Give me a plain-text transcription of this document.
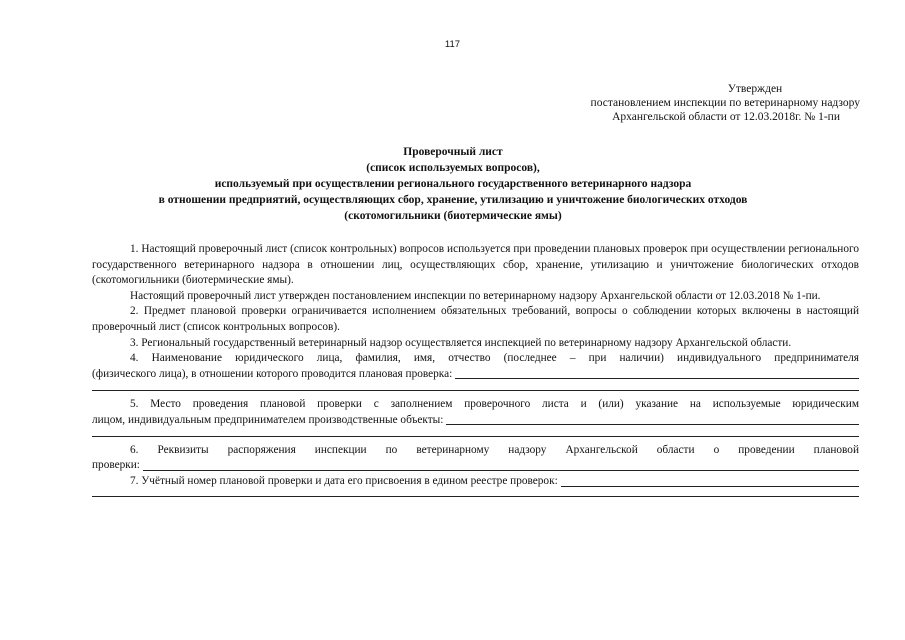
117
Утвержден
постановлением инспекции по ветеринарному надзору
Архангельской области от 12.03.2018г. № 1-пи
Проверочный лист
(список используемых вопросов),
используемый при осуществлении регионального государственного ветеринарного надзора
в отношении предприятий, осуществляющих сбор, хранение, утилизацию и уничтожение биологических отходов
(скотомогильники (биотермические ямы)

1. Настоящий проверочный лист (список контрольных) вопросов используется при проведении плановых проверок при осуществлении регионального государственного ветеринарного надзора в отношении лиц, осуществляющих сбор, хранение, утилизацию и уничтожение биологических отходов (скотомогильники (биотермические ямы).

Настоящий проверочный лист утвержден постановлением инспекции по ветеринарному надзору Архангельской области от 12.03.2018 № 1-пи.

2. Предмет плановой проверки ограничивается исполнением обязательных требований, вопросы о соблюдении которых включены в настоящий проверочный лист (список контрольных вопросов).

3. Региональный государственный ветеринарный надзор осуществляется инспекцией по ветеринарному надзору Архангельской области.

4. Наименование юридического лица, фамилия, имя, отчество (последнее – при наличии) индивидуального предпринимателя

(физического лица), в отношении которого проводится плановая проверка:

5. Место проведения плановой проверки с заполнением проверочного листа и (или) указание на используемые юридическим

лицом, индивидуальным предпринимателем производственные объекты:

6. Реквизиты распоряжения инспекции по ветеринарному надзору Архангельской области о проведении плановой

проверки:
7. Учётный номер плановой проверки и дата его присвоения в едином реестре проверок:
